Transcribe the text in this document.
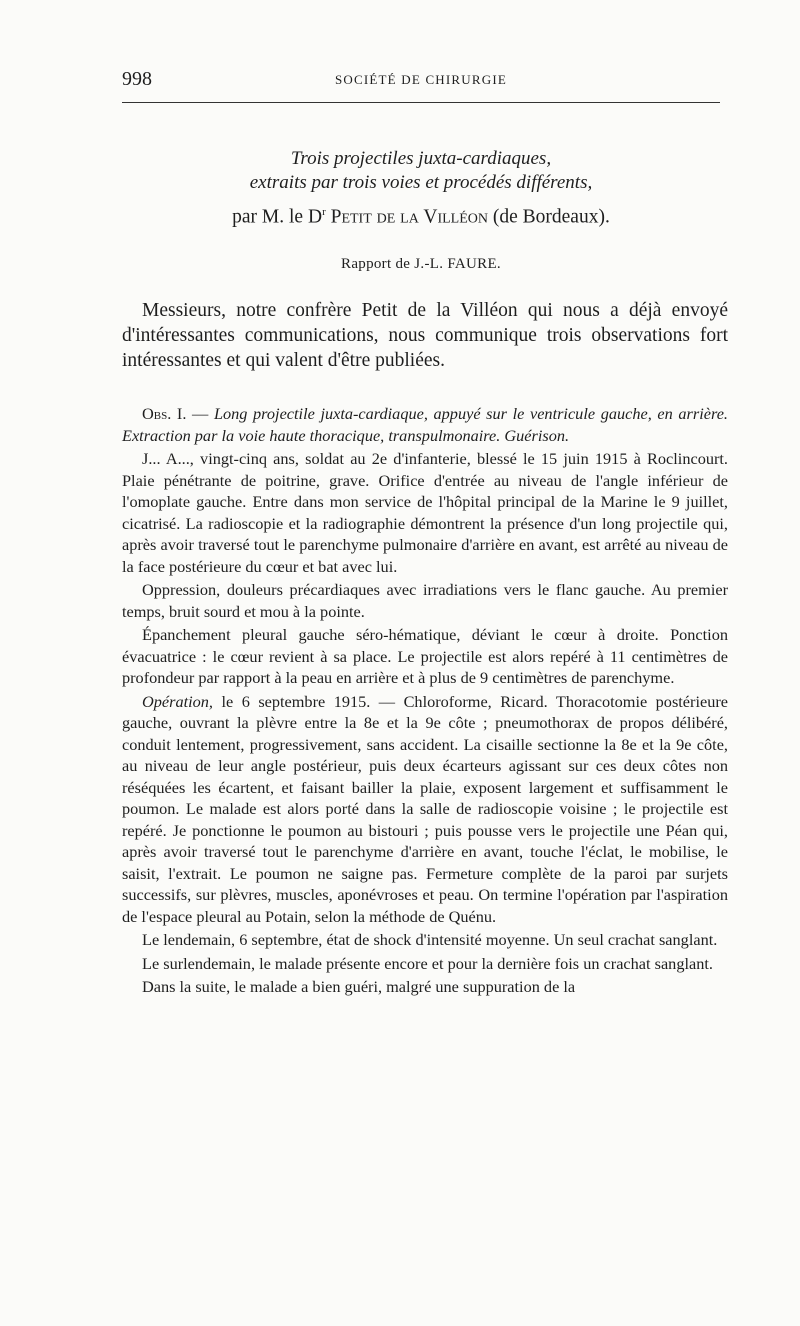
998	SOCIÉTÉ DE CHIRURGIE
Trois projectiles juxta-cardiaques,
extraits par trois voies et procédés différents,
par M. le $D^r$ Petit de la Villéon (de Bordeaux).
Rapport de J.-L. FAURE.
Messieurs, notre confrère Petit de la Villéon qui nous a déjà envoyé d'intéressantes communications, nous communique trois observations fort intéressantes et qui valent d'être publiées.

Obs. I. — Long projectile juxta-cardiaque, appuyé sur le ventricule gauche, en arrière. Extraction par la voie haute thoracique, transpulmonaire. Guérison.

J... A..., vingt-cinq ans, soldat au 2e d'infanterie, blessé le 15 juin 1915 à Roclincourt. Plaie pénétrante de poitrine, grave. Orifice d'entrée au niveau de l'angle inférieur de l'omoplate gauche. Entre dans mon service de l'hôpital principal de la Marine le 9 juillet, cicatrisé. La radioscopie et la radiographie démontrent la présence d'un long projectile qui, après avoir traversé tout le parenchyme pulmonaire d'arrière en avant, est arrêté au niveau de la face postérieure du cœur et bat avec lui.

Oppression, douleurs précardiaques avec irradiations vers le flanc gauche. Au premier temps, bruit sourd et mou à la pointe.

Épanchement pleural gauche séro-hématique, déviant le cœur à droite. Ponction évacuatrice : le cœur revient à sa place. Le projectile est alors repéré à 11 centimètres de profondeur par rapport à la peau en arrière et à plus de 9 centimètres de parenchyme.

Opération, le 6 septembre 1915. — Chloroforme, Ricard. Thoracotomie postérieure gauche, ouvrant la plèvre entre la 8e et la 9e côte ; pneumothorax de propos délibéré, conduit lentement, progressivement, sans accident. La cisaille sectionne la 8e et la 9e côte, au niveau de leur angle postérieur, puis deux écarteurs agissant sur ces deux côtes non réséquées les écartent, et faisant bailler la plaie, exposent largement et suffisamment le poumon. Le malade est alors porté dans la salle de radioscopie voisine ; le projectile est repéré. Je ponctionne le poumon au bistouri ; puis pousse vers le projectile une Péan qui, après avoir traversé tout le parenchyme d'arrière en avant, touche l'éclat, le mobilise, le saisit, l'extrait. Le poumon ne saigne pas. Fermeture complète de la paroi par surjets successifs, sur plèvres, muscles, aponévroses et peau. On termine l'opération par l'aspiration de l'espace pleural au Potain, selon la méthode de Quénu.

Le lendemain, 6 septembre, état de shock d'intensité moyenne. Un seul crachat sanglant.

Le surlendemain, le malade présente encore et pour la dernière fois un crachat sanglant.

Dans la suite, le malade a bien guéri, malgré une suppuration de la
